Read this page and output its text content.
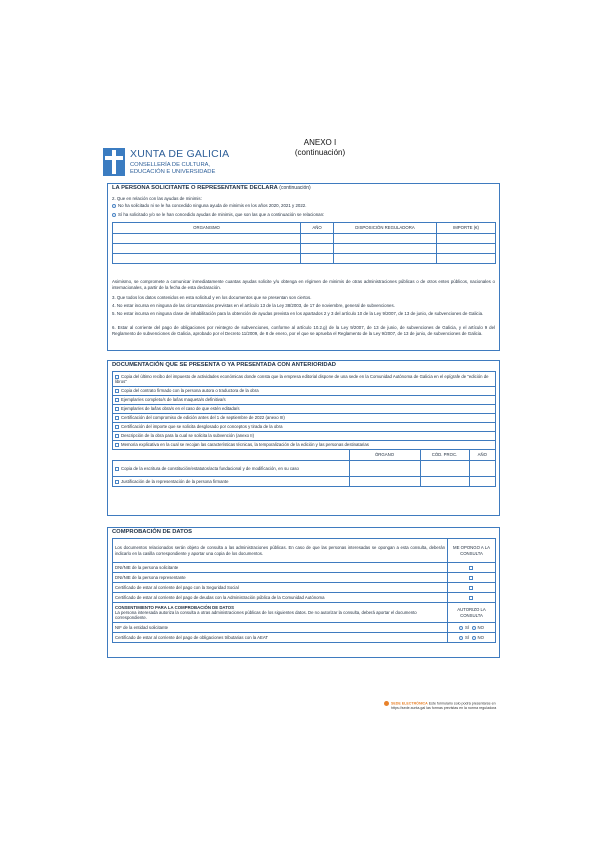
XUNTA DE GALICIA
CONSELLERÍA DE CULTURA,
EDUCACIÓN E UNIVERSIDADE
ANEXO I
(continuación)
LA PERSONA SOLICITANTE O REPRESENTANTE DECLARA (continuación)
2. Que en relación con las ayudas de minimis:
No ha solicitado ni se le ha concedido ninguna ayuda de minimis en los años 2020, 2021 y 2022.
Sí ha solicitado y/o se le han concedido ayudas de minimis, que son las que a continuación se relacionan:
ORGANISMO	AÑO	DISPOSICIÓN REGULADORA	IMPORTE (€)

Asimismo, se compromete a comunicar inmediatamente cuantas ayudas solicite y/u obtenga en régimen de minimis de otras administraciones públicas o de otros entes públicos, nacionales o internacionales, a partir de la fecha de esta declaración.
3. Que todos los datos contenidos en esta solicitud y en los documentos que se presentan son ciertos.
4. No estar incursa en ninguna de las circunstancias previstas en el artículo 13 de la Ley 38/2003, de 17 de noviembre, general de subvenciones.
5. No estar incursa en ninguna clase de inhabilitación para la obtención de ayudas prevista en los apartados 2 y 3 del artículo 10 de la Ley 9/2007, de 13 de junio, de subvenciones de Galicia.
6. Estar al corriente del pago de obligaciones por reintegro de subvenciones, conforme al artículo 10.2.g) de la Ley 9/2007, de 13 de junio, de subvenciones de Galicia, y el artículo 9 del Reglamento de subvenciones de Galicia, aprobado por el Decreto 11/2009, de 8 de enero, por el que se aprueba el Reglamento de la Ley 9/2007, de 13 de junio, de subvenciones de Galicia.
DOCUMENTACIÓN QUE SE PRESENTA O YA PRESENTADA CON ANTERIORIDAD
Copia del último recibo del impuesto de actividades económicas donde consta que la empresa editorial dispone de una sede en la Comunidad Autónoma de Galicia en el epígrafe de "edición de libros"			
Copia del contrato firmado con la persona autora o traductora de la obra			
Ejemplar/es completo/s de la/las maqueta/s definitiva/s			
Ejemplar/es de la/las obra/s en el caso de que estén editada/s			
Certificación del compromiso de edición antes del 1 de septiembre de 2022 (anexo III)			
Certificación del importe que se solicita desglosado por conceptos y tirada de la obra			
Descripción de la obra para la cual se solicita la subvención (anexo II)			
Memoria explicativa en la cual se recojan las características técnicas, la temporalización de la edición y las personas destinatarias			
	ÓRGANO	CÓD. PROC.	AÑO
Copia de la escritura de constitución/estatutos/acta fundacional y de modificación, en su caso			
Justificación de la representación de la persona firmante			
COMPROBACIÓN DE DATOS
Los documentos relacionados serán objeto de consulta a las administraciones públicas. En caso de que las personas interesadas se opongan a esta consulta, deberán indicarlo en la casilla correspondiente y aportar una copia de los documentos.	ME OPONGO A LA CONSULTA
DNI/NIE de la persona solicitante	
DNI/NIE de la persona representante	
Certificado de estar al corriente del pago con la Seguridad Social	
Certificado de estar al corriente del pago de deudas con la Administración pública de la Comunidad Autónoma	

CONSENTIMIENTO PARA LA COMPROBACIÓN DE DATOS
La persona interesada autoriza la consulta a otras administraciones públicas de los siguientes datos. De no autorizar la consulta, deberá aportar el documento correspondiente.	AUTORIZO LA CONSULTA
NIF de la entidad solicitante	SÍ NO
Certificado de estar al corriente del pago de obligaciones tributarias con la AEAT	SÍ NO
SEDE ELECTRÓNICA Este formulario solo podrá presentarse en
https://sede.xunta.gal las formas previstas en la norma reguladora
